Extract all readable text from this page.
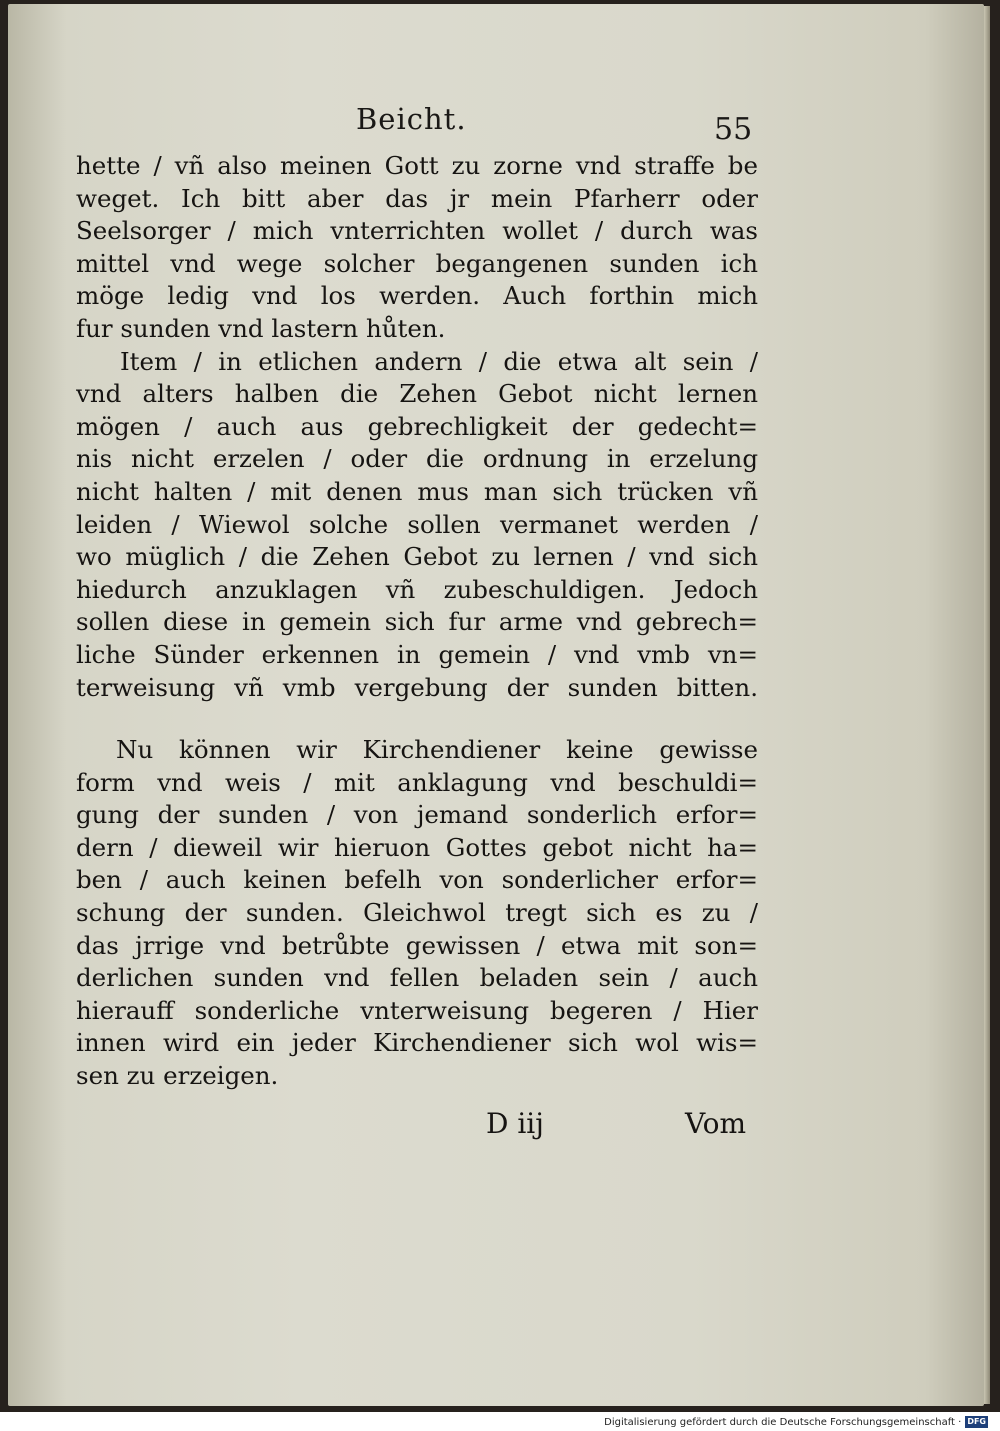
Beicht.	55
hette / vñ also meinen Gott zu zorne vnd straffe be
weget. Ich bitt aber das jr mein Pfarherr oder
Seelsorger / mich vnterrichten wollet / durch was
mittel vnd wege solcher begangenen sunden ich
möge ledig vnd los werden. Auch forthin mich
fur sunden vnd lastern hůten.
Item / in etlichen andern / die etwa alt sein /
vnd alters halben die Zehen Gebot nicht lernen
mögen / auch aus gebrechligkeit der gedecht=
nis nicht erzelen / oder die ordnung in erzelung
nicht halten / mit denen mus man sich trücken vñ
leiden / Wiewol solche sollen vermanet werden /
wo müglich / die Zehen Gebot zu lernen / vnd sich
hiedurch anzuklagen vñ zubeschuldigen. Jedoch
sollen diese in gemein sich fur arme vnd gebrech=
liche Sünder erkennen in gemein / vnd vmb vn=
terweisung vñ vmb vergebung der sunden bitten.
Nu können wir Kirchendiener keine gewisse
form vnd weis / mit anklagung vnd beschuldi=
gung der sunden / von jemand sonderlich erfor=
dern / dieweil wir hieruon Gottes gebot nicht ha=
ben / auch keinen befelh von sonderlicher erfor=
schung der sunden. Gleichwol tregt sich es zu /
das jrrige vnd betrůbte gewissen / etwa mit son=
derlichen sunden vnd fellen beladen sein / auch
hierauff sonderliche vnterweisung begeren / Hier
innen wird ein jeder Kirchendiener sich wol wis=
sen zu erzeigen.
D iij	Vom
Digitalisierung gefördert durch die Deutsche Forschungsgemeinschaft · DFG
